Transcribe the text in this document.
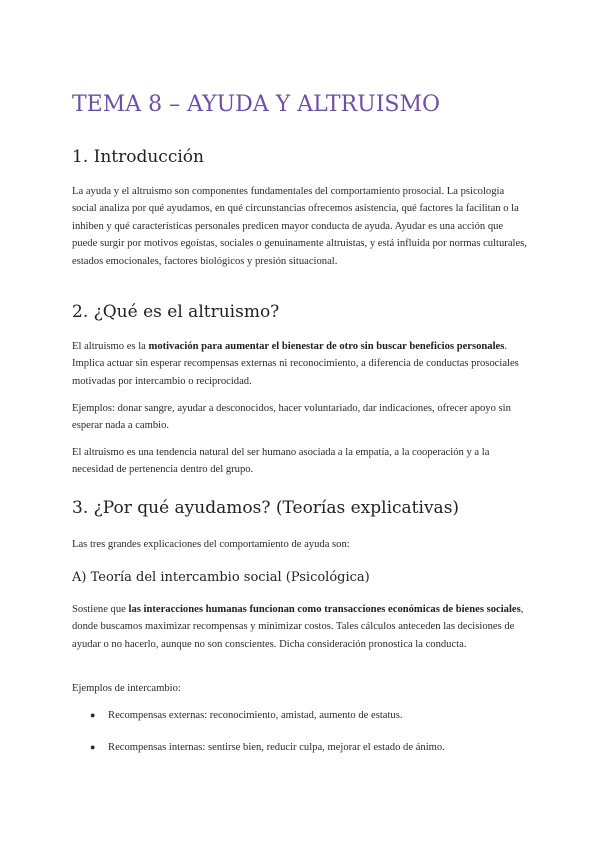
TEMA 8 – AYUDA Y ALTRUISMO
1. Introducción

La ayuda y el altruismo son componentes fundamentales del comportamiento prosocial. La psicología social analiza por qué ayudamos, en qué circunstancias ofrecemos asistencia, qué factores la facilitan o la inhiben y qué características personales predicen mayor conducta de ayuda. Ayudar es una acción que puede surgir por motivos egoístas, sociales o genuinamente altruistas, y está influida por normas culturales, estados emocionales, factores biológicos y presión situacional.

2. ¿Qué es el altruismo?

El altruismo es la motivación para aumentar el bienestar de otro sin buscar beneficios personales. Implica actuar sin esperar recompensas externas ni reconocimiento, a diferencia de conductas prosociales motivadas por intercambio o reciprocidad.

Ejemplos: donar sangre, ayudar a desconocidos, hacer voluntariado, dar indicaciones, ofrecer apoyo sin esperar nada a cambio.

El altruismo es una tendencia natural del ser humano asociada a la empatía, a la cooperación y a la necesidad de pertenencia dentro del grupo.

3. ¿Por qué ayudamos? (Teorías explicativas)

Las tres grandes explicaciones del comportamiento de ayuda son:

A) Teoría del intercambio social (Psicológica)

Sostiene que las interacciones humanas funcionan como transacciones económicas de bienes sociales, donde buscamos maximizar recompensas y minimizar costos. Tales cálculos anteceden las decisiones de ayudar o no hacerlo, aunque no son conscientes. Dicha consideración pronostica la conducta.

Ejemplos de intercambio:

● Recompensas externas: reconocimiento, amistad, aumento de estatus.
● Recompensas internas: sentirse bien, reducir culpa, mejorar el estado de ánimo.
